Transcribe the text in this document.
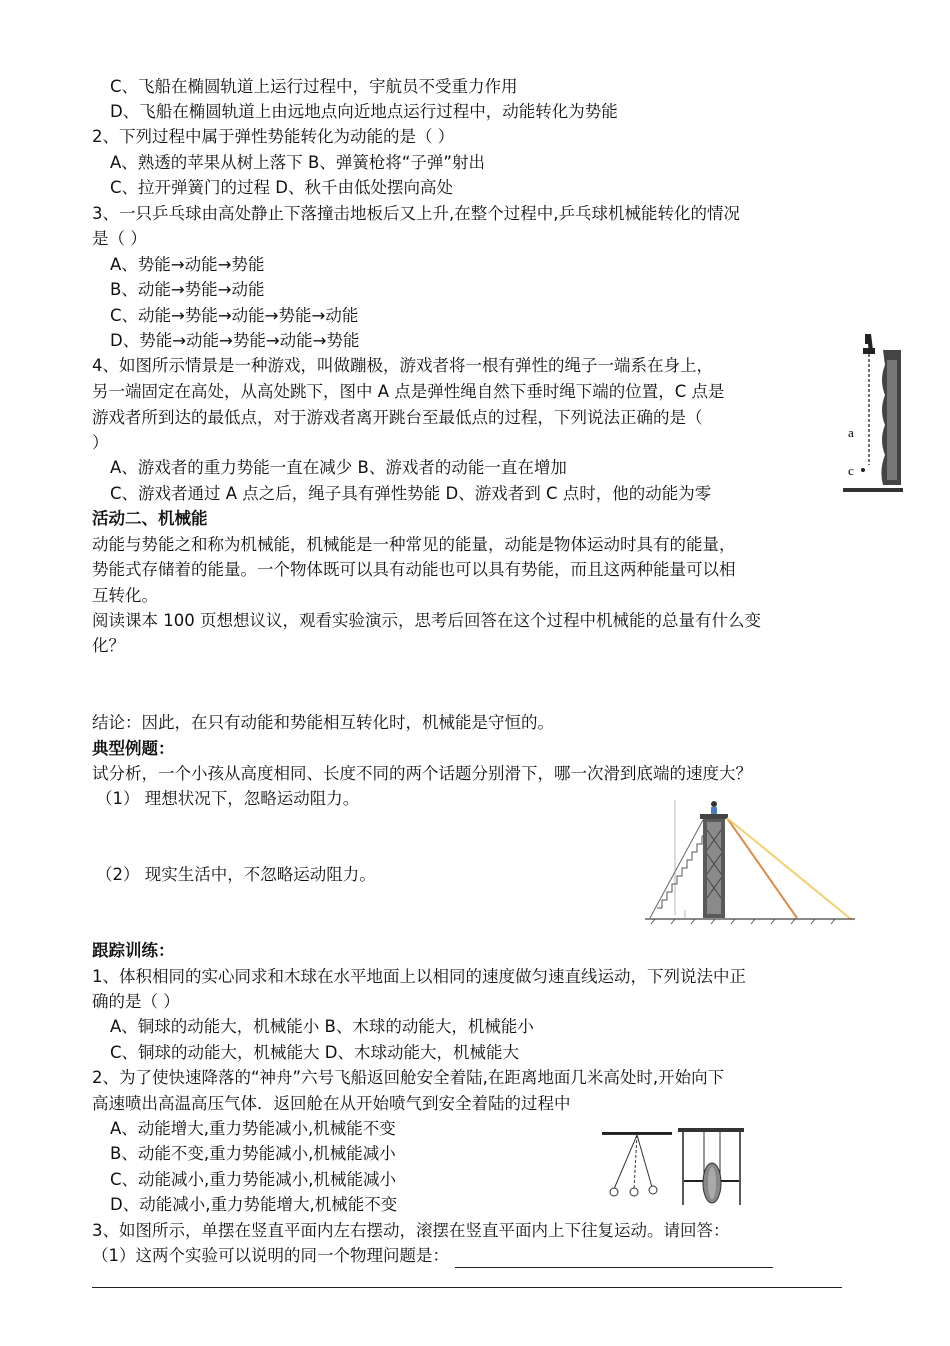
C、飞船在椭圆轨道上运行过程中，宇航员不受重力作用
D、飞船在椭圆轨道上由远地点向近地点运行过程中，动能转化为势能
2、下列过程中属于弹性势能转化为动能的是（ ）
A、熟透的苹果从树上落下 B、弹簧枪将“子弹”射出
C、拉开弹簧门的过程 D、秋千由低处摆向高处
3、一只乒乓球由高处静止下落撞击地板后又上升,在整个过程中,乒乓球机械能转化的情况
是（ ）
A、势能→动能→势能
B、动能→势能→动能
C、动能→势能→动能→势能→动能
D、势能→动能→势能→动能→势能
4、如图所示情景是一种游戏，叫做蹦极，游戏者将一根有弹性的绳子一端系在身上，
另一端固定在高处，从高处跳下，图中 A 点是弹性绳自然下垂时绳下端的位置，C 点是
游戏者所到达的最低点，对于游戏者离开跳台至最低点的过程，下列说法正确的是（
）
A、游戏者的重力势能一直在减少 B、游戏者的动能一直在增加
C、游戏者通过 A 点之后，绳子具有弹性势能 D、游戏者到 C 点时，他的动能为零
活动二、机械能
动能与势能之和称为机械能，机械能是一种常见的能量，动能是物体运动时具有的能量，
势能式存储着的能量。一个物体既可以具有动能也可以具有势能，而且这两种能量可以相
互转化。
阅读课本 100 页想想议议，观看实验演示，思考后回答在这个过程中机械能的总量有什么变
化？
结论：因此，在只有动能和势能相互转化时，机械能是守恒的。
典型例题：
试分析，一个小孩从高度相同、长度不同的两个话题分别滑下，哪一次滑到底端的速度大？
（1） 理想状况下，忽略运动阻力。
（2） 现实生活中，不忽略运动阻力。
跟踪训练：
1、体积相同的实心同求和木球在水平地面上以相同的速度做匀速直线运动，下列说法中正
确的是（ ）
A、铜球的动能大，机械能小 B、木球的动能大，机械能小
C、铜球的动能大，机械能大 D、木球动能大，机械能大
2、为了使快速降落的“神舟”六号飞船返回舱安全着陆,在距离地面几米高处时,开始向下
高速喷出高温高压气体．返回舱在从开始喷气到安全着陆的过程中
A、动能增大,重力势能减小,机械能不变
B、动能不变,重力势能减小,机械能减小
C、动能减小,重力势能减小,机械能减小
D、动能减小,重力势能增大,机械能不变
3、如图所示，单摆在竖直平面内左右摆动，滚摆在竖直平面内上下往复运动。请回答：
（1）这两个实验可以说明的同一个物理问题是：
a
c
